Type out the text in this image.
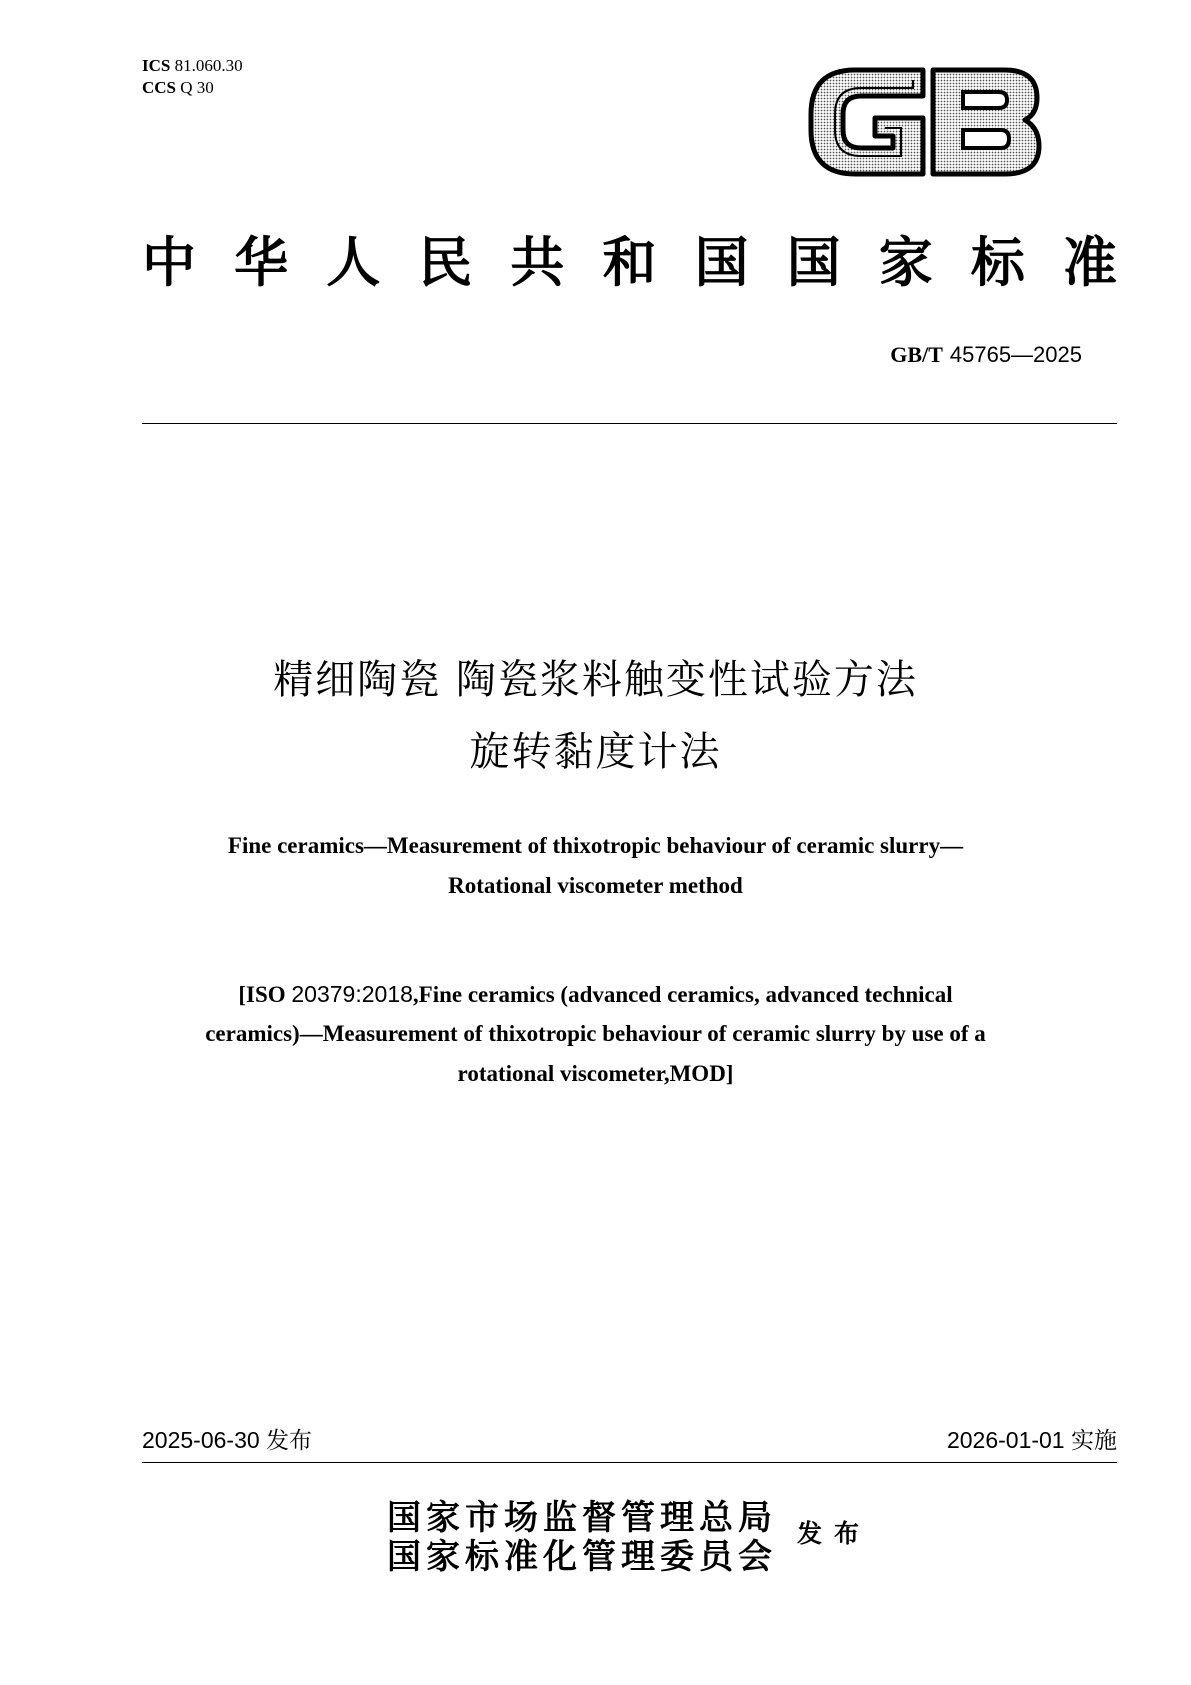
ICS 81.060.30
CCS Q 30
中华人民共和国国家标准
GB/T 45765—2025
精细陶瓷 陶瓷浆料触变性试验方法
旋转黏度计法
Fine ceramics—Measurement of thixotropic behaviour of ceramic slurry—
Rotational viscometer method
[ISO 20379:2018,Fine ceramics (advanced ceramics, advanced technical
ceramics)—Measurement of thixotropic behaviour of ceramic slurry by use of a
rotational viscometer,MOD]
2025-06-30 发布	2026-01-01 实施
国家市场监督管理总局
国家标准化管理委员会
发布
